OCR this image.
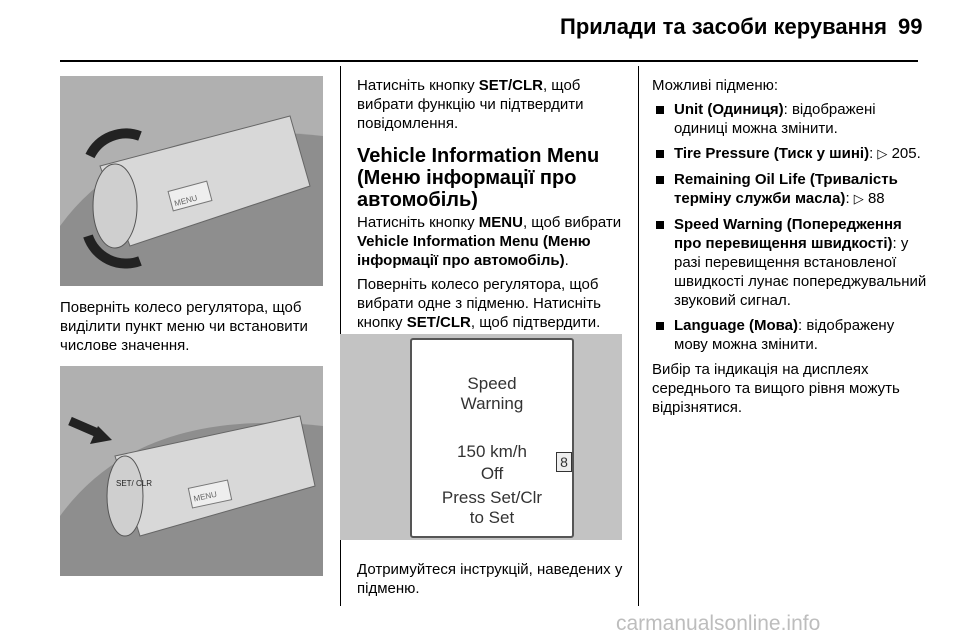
Прилади та засоби керування 99
MENU
Поверніть колесо регулятора, щоб виділити пункт меню чи встановити числове значення.
SET/ CLR
MENU

Натисніть кнопку SET/CLR, щоб вибрати функцію чи підтвердити повідомлення.

Vehicle Information Menu (Меню інформації про автомобіль)

Натисніть кнопку MENU, щоб вибрати Vehicle Information Menu (Меню інформації про автомобіль).

Поверніть колесо регулятора, щоб вибрати одне з підменю. Натисніть кнопку SET/CLR, щоб підтвердити.

Speed
Warning
150 km/h
Off
Press Set/Clr
to Set
8
Дотримуйтеся інструкцій, наведених у підменю.

Можливі підменю:

Unit (Одиниця): відображені одиниці можна змінити.
Tire Pressure (Тиск у шині): ▷ 205.
Remaining Oil Life (Тривалість терміну служби масла): ▷ 88
Speed Warning (Попередження про перевищення швидкості): у разі перевищення встановленої швидкості лунає попереджувальний звуковий сигнал.
Language (Мова): відображену мову можна змінити.

Вибір та індикація на дисплеях середнього та вищого рівня можуть відрізнятися.

carmanualsonline.info
